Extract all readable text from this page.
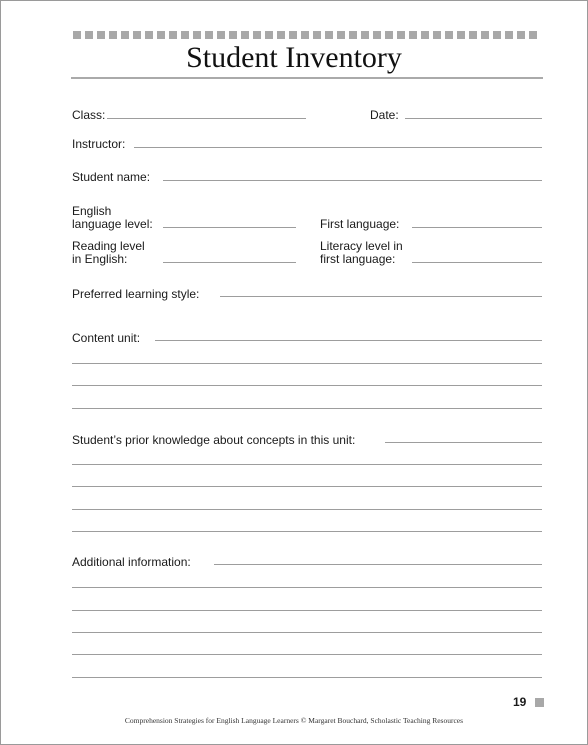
Student Inventory
Class:	Date:
Instructor:
Student name:
English
language level:	First language:
Reading level
in English:
Literacy level in
first language:
Preferred learning style:
Content unit:
Student’s prior knowledge about concepts in this unit:
Additional information:
19
Comprehension Strategies for English Language Learners © Margaret Bouchard, Scholastic Teaching Resources
